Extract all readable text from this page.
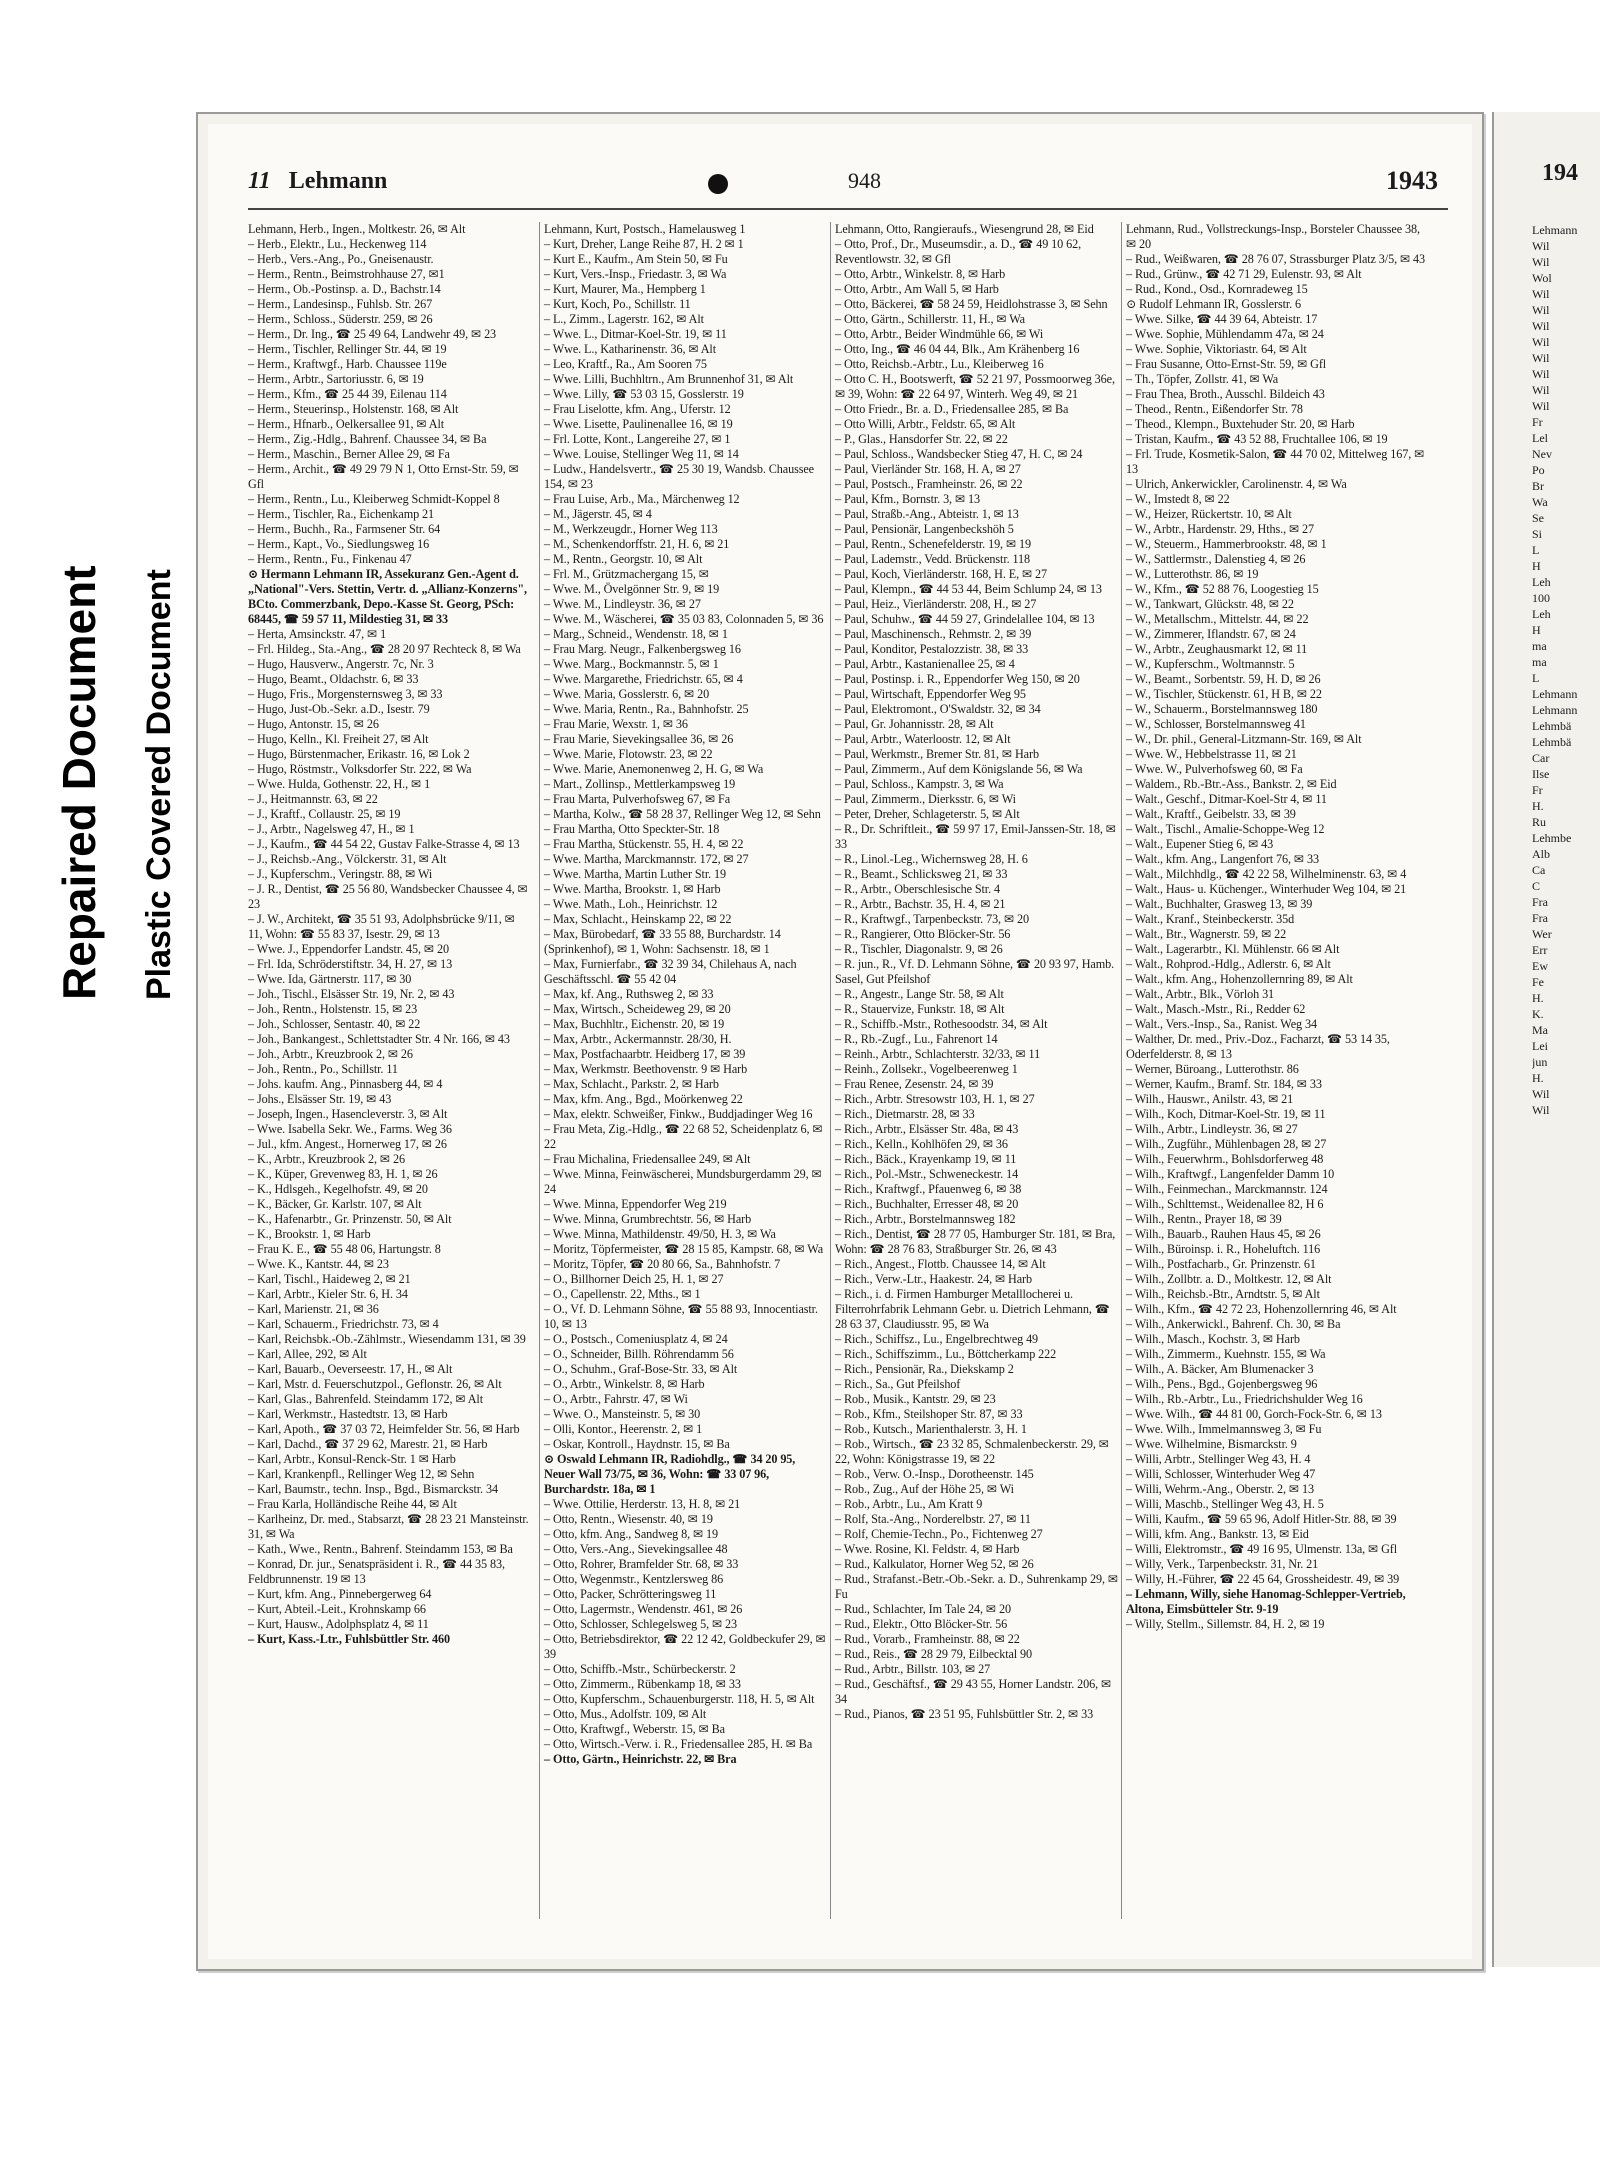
Repaired Document Plastic Covered Document
11 Lehmann	948	1943

Lehmann, Herb., Ingen., Moltkestr. 26, ✉ Alt

– Herb., Elektr., Lu., Heckenweg 114

– Herb., Vers.-Ang., Po., Gneisenaustr.

– Herm., Rentn., Beimstrohhause 27, ✉1

– Herm., Ob.-Postinsp. a. D., Bachstr.14

– Herm., Landesinsp., Fuhlsb. Str. 267

– Herm., Schloss., Süderstr. 259, ✉ 26

– Herm., Dr. Ing., ☎ 25 49 64, Landwehr 49, ✉ 23

– Herm., Tischler, Rellinger Str. 44, ✉ 19

– Herm., Kraftwgf., Harb. Chaussee 119e

– Herm., Arbtr., Sartoriusstr. 6, ✉ 19

– Herm., Kfm., ☎ 25 44 39, Eilenau 114

– Herm., Steuerinsp., Holstenstr. 168, ✉ Alt

– Herm., Hfnarb., Oelkersallee 91, ✉ Alt

– Herm., Zig.-Hdlg., Bahrenf. Chaussee 34, ✉ Ba

– Herm., Maschin., Berner Allee 29, ✉ Fa

– Herm., Archit., ☎ 49 29 79 N 1, Otto Ernst-Str. 59, ✉ Gfl

– Herm., Rentn., Lu., Kleiberweg Schmidt-Koppel 8

– Herm., Tischler, Ra., Eichenkamp 21

– Herm., Buchh., Ra., Farmsener Str. 64

– Herm., Kapt., Vo., Siedlungsweg 16

– Herm., Rentn., Fu., Finkenau 47

⊙ Hermann Lehmann IR, Assekuranz Gen.-Agent d. „National"-Vers. Stettin, Vertr. d. „Allianz-Konzerns", BCto. Commerzbank, Depo.-Kasse St. Georg, PSch: 68445, ☎ 59 57 11, Mildestieg 31, ✉ 33

– Herta, Amsinckstr. 47, ✉ 1

– Frl. Hildeg., Sta.-Ang., ☎ 28 20 97 Rechteck 8, ✉ Wa

– Hugo, Hausverw., Angerstr. 7c, Nr. 3

– Hugo, Beamt., Oldachstr. 6, ✉ 33

– Hugo, Fris., Morgensternsweg 3, ✉ 33

– Hugo, Just-Ob.-Sekr. a.D., Isestr. 79

– Hugo, Antonstr. 15, ✉ 26

– Hugo, Kelln., Kl. Freiheit 27, ✉ Alt

– Hugo, Bürstenmacher, Erikastr. 16, ✉ Lok 2

– Hugo, Röstmstr., Volksdorfer Str. 222, ✉ Wa

– Wwe. Hulda, Gothenstr. 22, H., ✉ 1

– J., Heitmannstr. 63, ✉ 22

– J., Kraftf., Collaustr. 25, ✉ 19

– J., Arbtr., Nagelsweg 47, H., ✉ 1

– J., Kaufm., ☎ 44 54 22, Gustav Falke-Strasse 4, ✉ 13

– J., Reichsb.-Ang., Völckerstr. 31, ✉ Alt

– J., Kupferschm., Veringstr. 88, ✉ Wi

– J. R., Dentist, ☎ 25 56 80, Wandsbecker Chaussee 4, ✉ 23

– J. W., Architekt, ☎ 35 51 93, Adolphsbrücke 9/11, ✉ 11, Wohn: ☎ 55 83 37, Isestr. 29, ✉ 13

– Wwe. J., Eppendorfer Landstr. 45, ✉ 20

– Frl. Ida, Schröderstiftstr. 34, H. 27, ✉ 13

– Wwe. Ida, Gärtnerstr. 117, ✉ 30

– Joh., Tischl., Elsässer Str. 19, Nr. 2, ✉ 43

– Joh., Rentn., Holstenstr. 15, ✉ 23

– Joh., Schlosser, Sentastr. 40, ✉ 22

– Joh., Bankangest., Schlettstadter Str. 4 Nr. 166, ✉ 43

– Joh., Arbtr., Kreuzbrook 2, ✉ 26

– Joh., Rentn., Po., Schillstr. 11

– Johs. kaufm. Ang., Pinnasberg 44, ✉ 4

– Johs., Elsässer Str. 19, ✉ 43

– Joseph, Ingen., Hasencleverstr. 3, ✉ Alt

– Wwe. Isabella Sekr. We., Farms. Weg 36

– Jul., kfm. Angest., Hornerweg 17, ✉ 26

– K., Arbtr., Kreuzbrook 2, ✉ 26

– K., Küper, Grevenweg 83, H. 1, ✉ 26

– K., Hdlsgeh., Kegelhofstr. 49, ✉ 20

– K., Bäcker, Gr. Karlstr. 107, ✉ Alt

– K., Hafenarbtr., Gr. Prinzenstr. 50, ✉ Alt

– K., Brookstr. 1, ✉ Harb

– Frau K. E., ☎ 55 48 06, Hartungstr. 8

– Wwe. K., Kantstr. 44, ✉ 23

– Karl, Tischl., Haideweg 2, ✉ 21

– Karl, Arbtr., Kieler Str. 6, H. 34

– Karl, Marienstr. 21, ✉ 36

– Karl, Schauerm., Friedrichstr. 73, ✉ 4

– Karl, Reichsbk.-Ob.-Zählmstr., Wiesendamm 131, ✉ 39

– Karl, Allee, 292, ✉ Alt

– Karl, Bauarb., Oeverseestr. 17, H., ✉ Alt

– Karl, Mstr. d. Feuerschutzpol., Geflonstr. 26, ✉ Alt

– Karl, Glas., Bahrenfeld. Steindamm 172, ✉ Alt

– Karl, Werkmstr., Hastedtstr. 13, ✉ Harb

– Karl, Apoth., ☎ 37 03 72, Heimfelder Str. 56, ✉ Harb

– Karl, Dachd., ☎ 37 29 62, Marestr. 21, ✉ Harb

– Karl, Arbtr., Konsul-Renck-Str. 1 ✉ Harb

– Karl, Krankenpfl., Rellinger Weg 12, ✉ Sehn

– Karl, Baumstr., techn. Insp., Bgd., Bismarckstr. 34

– Frau Karla, Holländische Reihe 44, ✉ Alt

– Karlheinz, Dr. med., Stabsarzt, ☎ 28 23 21 Mansteinstr. 31, ✉ Wa

– Kath., Wwe., Rentn., Bahrenf. Steindamm 153, ✉ Ba

– Konrad, Dr. jur., Senatspräsident i. R., ☎ 44 35 83, Feldbrunnenstr. 19 ✉ 13

– Kurt, kfm. Ang., Pinnebergerweg 64

– Kurt, Abteil.-Leit., Krohnskamp 66

– Kurt, Hausw., Adolphsplatz 4, ✉ 11

– Kurt, Kass.-Ltr., Fuhlsbüttler Str. 460

Lehmann, Kurt, Postsch., Hamelausweg 1

– Kurt, Dreher, Lange Reihe 87, H. 2 ✉ 1

– Kurt E., Kaufm., Am Stein 50, ✉ Fu

– Kurt, Vers.-Insp., Friedastr. 3, ✉ Wa

– Kurt, Maurer, Ma., Hempberg 1

– Kurt, Koch, Po., Schillstr. 11

– L., Zimm., Lagerstr. 162, ✉ Alt

– Wwe. L., Ditmar-Koel-Str. 19, ✉ 11

– Wwe. L., Katharinenstr. 36, ✉ Alt

– Leo, Kraftf., Ra., Am Sooren 75

– Wwe. Lilli, Buchhltrn., Am Brunnenhof 31, ✉ Alt

– Wwe. Lilly, ☎ 53 03 15, Gosslerstr. 19

– Frau Liselotte, kfm. Ang., Uferstr. 12

– Wwe. Lisette, Paulinenallee 16, ✉ 19

– Frl. Lotte, Kont., Langereihe 27, ✉ 1

– Wwe. Louise, Stellinger Weg 11, ✉ 14

– Ludw., Handelsvertr., ☎ 25 30 19, Wandsb. Chaussee 154, ✉ 23

– Frau Luise, Arb., Ma., Märchenweg 12

– M., Jägerstr. 45, ✉ 4

– M., Werkzeugdr., Horner Weg 113

– M., Schenkendorffstr. 21, H. 6, ✉ 21

– M., Rentn., Georgstr. 10, ✉ Alt

– Frl. M., Grützmachergang 15, ✉

– Wwe. M., Övelgönner Str. 9, ✉ 19

– Wwe. M., Lindleystr. 36, ✉ 27

– Wwe. M., Wäscherei, ☎ 35 03 83, Colonnaden 5, ✉ 36

– Marg., Schneid., Wendenstr. 18, ✉ 1

– Frau Marg. Neugr., Falkenbergsweg 16

– Wwe. Marg., Bockmannstr. 5, ✉ 1

– Wwe. Margarethe, Friedrichstr. 65, ✉ 4

– Wwe. Maria, Gosslerstr. 6, ✉ 20

– Wwe. Maria, Rentn., Ra., Bahnhofstr. 25

– Frau Marie, Wexstr. 1, ✉ 36

– Frau Marie, Sievekingsallee 36, ✉ 26

– Wwe. Marie, Flotowstr. 23, ✉ 22

– Wwe. Marie, Anemonenweg 2, H. G, ✉ Wa

– Mart., Zollinsp., Mettlerkampsweg 19

– Frau Marta, Pulverhofsweg 67, ✉ Fa

– Martha, Kolw., ☎ 58 28 37, Rellinger Weg 12, ✉ Sehn

– Frau Martha, Otto Speckter-Str. 18

– Frau Martha, Stückenstr. 55, H. 4, ✉ 22

– Wwe. Martha, Marckmannstr. 172, ✉ 27

– Wwe. Martha, Martin Luther Str. 19

– Wwe. Martha, Brookstr. 1, ✉ Harb

– Wwe. Math., Loh., Heinrichstr. 12

– Max, Schlacht., Heinskamp 22, ✉ 22

– Max, Bürobedarf, ☎ 33 55 88, Burchardstr. 14 (Sprinkenhof), ✉ 1, Wohn: Sachsenstr. 18, ✉ 1

– Max, Furnierfabr., ☎ 32 39 34, Chilehaus A, nach Geschäftsschl. ☎ 55 42 04

– Max, kf. Ang., Ruthsweg 2, ✉ 33

– Max, Wirtsch., Scheideweg 29, ✉ 20

– Max, Buchhltr., Eichenstr. 20, ✉ 19

– Max, Arbtr., Ackermannstr. 28/30, H.

– Max, Postfachaarbtr. Heidberg 17, ✉ 39

– Max, Werkmstr. Beethovenstr. 9 ✉ Harb

– Max, Schlacht., Parkstr. 2, ✉ Harb

– Max, kfm. Ang., Bgd., Moörkenweg 22

– Max, elektr. Schweißer, Finkw., Buddjadinger Weg 16

– Frau Meta, Zig.-Hdlg., ☎ 22 68 52, Scheidenplatz 6, ✉ 22

– Frau Michalina, Friedensallee 249, ✉ Alt

– Wwe. Minna, Feinwäscherei, Mundsburgerdamm 29, ✉ 24

– Wwe. Minna, Eppendorfer Weg 219

– Wwe. Minna, Grumbrechtstr. 56, ✉ Harb

– Wwe. Minna, Mathildenstr. 49/50, H. 3, ✉ Wa

– Moritz, Töpfermeister, ☎ 28 15 85, Kampstr. 68, ✉ Wa

– Moritz, Töpfer, ☎ 20 80 66, Sa., Bahnhofstr. 7

– O., Billhorner Deich 25, H. 1, ✉ 27

– O., Capellenstr. 22, Mths., ✉ 1

– O., Vf. D. Lehmann Söhne, ☎ 55 88 93, Innocentiastr. 10, ✉ 13

– O., Postsch., Comeniusplatz 4, ✉ 24

– O., Schneider, Billh. Röhrendamm 56

– O., Schuhm., Graf-Bose-Str. 33, ✉ Alt

– O., Arbtr., Winkelstr. 8, ✉ Harb

– O., Arbtr., Fahrstr. 47, ✉ Wi

– Wwe. O., Mansteinstr. 5, ✉ 30

– Olli, Kontor., Heerenstr. 2, ✉ 1

– Oskar, Kontroll., Haydnstr. 15, ✉ Ba

⊙ Oswald Lehmann IR, Radiohdlg., ☎ 34 20 95, Neuer Wall 73/75, ✉ 36, Wohn: ☎ 33 07 96, Burchardstr. 18a, ✉ 1

– Wwe. Ottilie, Herderstr. 13, H. 8, ✉ 21

– Otto, Rentn., Wiesenstr. 40, ✉ 19

– Otto, kfm. Ang., Sandweg 8, ✉ 19

– Otto, Vers.-Ang., Sievekingsallee 48

– Otto, Rohrer, Bramfelder Str. 68, ✉ 33

– Otto, Wegenmstr., Kentzlersweg 86

– Otto, Packer, Schrötteringsweg 11

– Otto, Lagermstr., Wendenstr. 461, ✉ 26

– Otto, Schlosser, Schlegelsweg 5, ✉ 23

– Otto, Betriebsdirektor, ☎ 22 12 42, Goldbeckufer 29, ✉ 39

– Otto, Schiffb.-Mstr., Schürbeckerstr. 2

– Otto, Zimmerm., Rübenkamp 18, ✉ 33

– Otto, Kupferschm., Schauenburgerstr. 118, H. 5, ✉ Alt

– Otto, Mus., Adolfstr. 109, ✉ Alt

– Otto, Kraftwgf., Weberstr. 15, ✉ Ba

– Otto, Wirtsch.-Verw. i. R., Friedensallee 285, H. ✉ Ba

– Otto, Gärtn., Heinrichstr. 22, ✉ Bra

Lehmann, Otto, Rangieraufs., Wiesengrund 28, ✉ Eid

– Otto, Prof., Dr., Museumsdir., a. D., ☎ 49 10 62, Reventlowstr. 32, ✉ Gfl

– Otto, Arbtr., Winkelstr. 8, ✉ Harb

– Otto, Arbtr., Am Wall 5, ✉ Harb

– Otto, Bäckerei, ☎ 58 24 59, Heidlohstrasse 3, ✉ Sehn

– Otto, Gärtn., Schillerstr. 11, H., ✉ Wa

– Otto, Arbtr., Beider Windmühle 66, ✉ Wi

– Otto, Ing., ☎ 46 04 44, Blk., Am Krähenberg 16

– Otto, Reichsb.-Arbtr., Lu., Kleiberweg 16

– Otto C. H., Bootswerft, ☎ 52 21 97, Possmoorweg 36e, ✉ 39, Wohn: ☎ 22 64 97, Winterh. Weg 49, ✉ 21

– Otto Friedr., Br. a. D., Friedensallee 285, ✉ Ba

– Otto Willi, Arbtr., Feldstr. 65, ✉ Alt

– P., Glas., Hansdorfer Str. 22, ✉ 22

– Paul, Schloss., Wandsbecker Stieg 47, H. C, ✉ 24

– Paul, Vierländer Str. 168, H. A, ✉ 27

– Paul, Postsch., Framheinstr. 26, ✉ 22

– Paul, Kfm., Bornstr. 3, ✉ 13

– Paul, Straßb.-Ang., Abteistr. 1, ✉ 13

– Paul, Pensionär, Langenbeckshöh 5

– Paul, Rentn., Schenefelderstr. 19, ✉ 19

– Paul, Lademstr., Vedd. Brückenstr. 118

– Paul, Koch, Vierländerstr. 168, H. E, ✉ 27

– Paul, Klempn., ☎ 44 53 44, Beim Schlump 24, ✉ 13

– Paul, Heiz., Vierländerstr. 208, H., ✉ 27

– Paul, Schuhw., ☎ 44 59 27, Grindelallee 104, ✉ 13

– Paul, Maschinensch., Rehmstr. 2, ✉ 39

– Paul, Konditor, Pestalozzistr. 38, ✉ 33

– Paul, Arbtr., Kastanienallee 25, ✉ 4

– Paul, Postinsp. i. R., Eppendorfer Weg 150, ✉ 20

– Paul, Wirtschaft, Eppendorfer Weg 95

– Paul, Elektromont., O'Swaldstr. 32, ✉ 34

– Paul, Gr. Johannisstr. 28, ✉ Alt

– Paul, Arbtr., Waterloostr. 12, ✉ Alt

– Paul, Werkmstr., Bremer Str. 81, ✉ Harb

– Paul, Zimmerm., Auf dem Königslande 56, ✉ Wa

– Paul, Schloss., Kampstr. 3, ✉ Wa

– Paul, Zimmerm., Dierksstr. 6, ✉ Wi

– Peter, Dreher, Schlageterstr. 5, ✉ Alt

– R., Dr. Schriftleit., ☎ 59 97 17, Emil-Janssen-Str. 18, ✉ 33

– R., Linol.-Leg., Wichernsweg 28, H. 6

– R., Beamt., Schlicksweg 21, ✉ 33

– R., Arbtr., Oberschlesische Str. 4

– R., Arbtr., Bachstr. 35, H. 4, ✉ 21

– R., Kraftwgf., Tarpenbeckstr. 73, ✉ 20

– R., Rangierer, Otto Blöcker-Str. 56

– R., Tischler, Diagonalstr. 9, ✉ 26

– R. jun., R., Vf. D. Lehmann Söhne, ☎ 20 93 97, Hamb. Sasel, Gut Pfeilshof

– R., Angestr., Lange Str. 58, ✉ Alt

– R., Stauervize, Funkstr. 18, ✉ Alt

– R., Schiffb.-Mstr., Rothesoodstr. 34, ✉ Alt

– R., Rb.-Zugf., Lu., Fahrenort 14

– Reinh., Arbtr., Schlachterstr. 32/33, ✉ 11

– Reinh., Zollsekr., Vogelbeerenweg 1

– Frau Renee, Zesenstr. 24, ✉ 39

– Rich., Arbtr. Stresowstr 103, H. 1, ✉ 27

– Rich., Dietmarstr. 28, ✉ 33

– Rich., Arbtr., Elsässer Str. 48a, ✉ 43

– Rich., Kelln., Kohlhöfen 29, ✉ 36

– Rich., Bäck., Krayenkamp 19, ✉ 11

– Rich., Pol.-Mstr., Schweneckestr. 14

– Rich., Kraftwgf., Pfauenweg 6, ✉ 38

– Rich., Buchhalter, Erresser 48, ✉ 20

– Rich., Arbtr., Borstelmannsweg 182

– Rich., Dentist, ☎ 28 77 05, Hamburger Str. 181, ✉ Bra, Wohn: ☎ 28 76 83, Straßburger Str. 26, ✉ 43

– Rich., Angest., Flottb. Chaussee 14, ✉ Alt

– Rich., Verw.-Ltr., Haakestr. 24, ✉ Harb

– Rich., i. d. Firmen Hamburger Metalllocherei u. Filterrohrfabrik Lehmann Gebr. u. Dietrich Lehmann, ☎ 28 63 37, Claudiusstr. 95, ✉ Wa

– Rich., Schiffsz., Lu., Engelbrechtweg 49

– Rich., Schiffszimm., Lu., Böttcherkamp 222

– Rich., Pensionär, Ra., Diekskamp 2

– Rich., Sa., Gut Pfeilshof

– Rob., Musik., Kantstr. 29, ✉ 23

– Rob., Kfm., Steilshoper Str. 87, ✉ 33

– Rob., Kutsch., Marienthalerstr. 3, H. 1

– Rob., Wirtsch., ☎ 23 32 85, Schmalenbeckerstr. 29, ✉ 22, Wohn: Königstrasse 19, ✉ 22

– Rob., Verw. O.-Insp., Dorotheenstr. 145

– Rob., Zug., Auf der Höhe 25, ✉ Wi

– Rob., Arbtr., Lu., Am Kratt 9

– Rolf, Sta.-Ang., Norderelbstr. 27, ✉ 11

– Rolf, Chemie-Techn., Po., Fichtenweg 27

– Wwe. Rosine, Kl. Feldstr. 4, ✉ Harb

– Rud., Kalkulator, Horner Weg 52, ✉ 26

– Rud., Strafanst.-Betr.-Ob.-Sekr. a. D., Suhrenkamp 29, ✉ Fu

– Rud., Schlachter, Im Tale 24, ✉ 20

– Rud., Elektr., Otto Blöcker-Str. 56

– Rud., Vorarb., Framheinstr. 88, ✉ 22

– Rud., Reis., ☎ 28 29 79, Eilbecktal 90

– Rud., Arbtr., Billstr. 103, ✉ 27

– Rud., Geschäftsf., ☎ 29 43 55, Horner Landstr. 206, ✉ 34

– Rud., Pianos, ☎ 23 51 95, Fuhlsbüttler Str. 2, ✉ 33

Lehmann, Rud., Vollstreckungs-Insp., Borsteler Chaussee 38, ✉ 20

– Rud., Weißwaren, ☎ 28 76 07, Strassburger Platz 3/5, ✉ 43

– Rud., Grünw., ☎ 42 71 29, Eulenstr. 93, ✉ Alt

– Rud., Kond., Osd., Kornradeweg 15

⊙ Rudolf Lehmann IR, Gosslerstr. 6

– Wwe. Silke, ☎ 44 39 64, Abteistr. 17

– Wwe. Sophie, Mühlendamm 47a, ✉ 24

– Wwe. Sophie, Viktoriastr. 64, ✉ Alt

– Frau Susanne, Otto-Ernst-Str. 59, ✉ Gfl

– Th., Töpfer, Zollstr. 41, ✉ Wa

– Frau Thea, Broth., Ausschl. Bildeich 43

– Theod., Rentn., Eißendorfer Str. 78

– Theod., Klempn., Buxtehuder Str. 20, ✉ Harb

– Tristan, Kaufm., ☎ 43 52 88, Fruchtallee 106, ✉ 19

– Frl. Trude, Kosmetik-Salon, ☎ 44 70 02, Mittelweg 167, ✉ 13

– Ulrich, Ankerwickler, Carolinenstr. 4, ✉ Wa

– W., Imstedt 8, ✉ 22

– W., Heizer, Rückertstr. 10, ✉ Alt

– W., Arbtr., Hardenstr. 29, Hths., ✉ 27

– W., Steuerm., Hammerbrookstr. 48, ✉ 1

– W., Sattlermstr., Dalenstieg 4, ✉ 26

– W., Lutterothstr. 86, ✉ 19

– W., Kfm., ☎ 52 88 76, Loogestieg 15

– W., Tankwart, Glückstr. 48, ✉ 22

– W., Metallschm., Mittelstr. 44, ✉ 22

– W., Zimmerer, Iflandstr. 67, ✉ 24

– W., Arbtr., Zeughausmarkt 12, ✉ 11

– W., Kupferschm., Woltmannstr. 5

– W., Beamt., Sorbentstr. 59, H. D, ✉ 26

– W., Tischler, Stückenstr. 61, H B, ✉ 22

– W., Schauerm., Borstelmannsweg 180

– W., Schlosser, Borstelmannsweg 41

– W., Dr. phil., General-Litzmann-Str. 169, ✉ Alt

– Wwe. W., Hebbelstrasse 11, ✉ 21

– Wwe. W., Pulverhofsweg 60, ✉ Fa

– Waldem., Rb.-Btr.-Ass., Bankstr. 2, ✉ Eid

– Walt., Geschf., Ditmar-Koel-Str 4, ✉ 11

– Walt., Kraftf., Geibelstr. 33, ✉ 39

– Walt., Tischl., Amalie-Schoppe-Weg 12

– Walt., Eupener Stieg 6, ✉ 43

– Walt., kfm. Ang., Langenfort 76, ✉ 33

– Walt., Milchhdlg., ☎ 42 22 58, Wilhelminenstr. 63, ✉ 4

– Walt., Haus- u. Küchenger., Winterhuder Weg 104, ✉ 21

– Walt., Buchhalter, Grasweg 13, ✉ 39

– Walt., Kranf., Steinbeckerstr. 35d

– Walt., Btr., Wagnerstr. 59, ✉ 22

– Walt., Lagerarbtr., Kl. Mühlenstr. 66 ✉ Alt

– Walt., Rohprod.-Hdlg., Adlerstr. 6, ✉ Alt

– Walt., kfm. Ang., Hohenzollernring 89, ✉ Alt

– Walt., Arbtr., Blk., Vörloh 31

– Walt., Masch.-Mstr., Ri., Redder 62

– Walt., Vers.-Insp., Sa., Ranist. Weg 34

– Walther, Dr. med., Priv.-Doz., Facharzt, ☎ 53 14 35, Oderfelderstr. 8, ✉ 13

– Werner, Büroang., Lutterothstr. 86

– Werner, Kaufm., Bramf. Str. 184, ✉ 33

– Wilh., Hauswr., Anilstr. 43, ✉ 21

– Wilh., Koch, Ditmar-Koel-Str. 19, ✉ 11

– Wilh., Arbtr., Lindleystr. 36, ✉ 27

– Wilh., Zugführ., Mühlenbagen 28, ✉ 27

– Wilh., Feuerwhrm., Bohlsdorferweg 48

– Wilh., Kraftwgf., Langenfelder Damm 10

– Wilh., Feinmechan., Marckmannstr. 124

– Wilh., Schlttemst., Weidenallee 82, H 6

– Wilh., Rentn., Prayer 18, ✉ 39

– Wilh., Bauarb., Rauhen Haus 45, ✉ 26

– Wilh., Büroinsp. i. R., Hoheluftch. 116

– Wilh., Postfacharb., Gr. Prinzenstr. 61

– Wilh., Zollbtr. a. D., Moltkestr. 12, ✉ Alt

– Wilh., Reichsb.-Btr., Arndtstr. 5, ✉ Alt

– Wilh., Kfm., ☎ 42 72 23, Hohenzollernring 46, ✉ Alt

– Wilh., Ankerwickl., Bahrenf. Ch. 30, ✉ Ba

– Wilh., Masch., Kochstr. 3, ✉ Harb

– Wilh., Zimmerm., Kuehnstr. 155, ✉ Wa

– Wilh., A. Bäcker, Am Blumenacker 3

– Wilh., Pens., Bgd., Gojenbergsweg 96

– Wilh., Rb.-Arbtr., Lu., Friedrichshulder Weg 16

– Wwe. Wilh., ☎ 44 81 00, Gorch-Fock-Str. 6, ✉ 13

– Wwe. Wilh., Immelmannsweg 3, ✉ Fu

– Wwe. Wilhelmine, Bismarckstr. 9

– Willi, Arbtr., Stellinger Weg 43, H. 4

– Willi, Schlosser, Winterhuder Weg 47

– Willi, Wehrm.-Ang., Oberstr. 2, ✉ 13

– Willi, Maschb., Stellinger Weg 43, H. 5

– Willi, Kaufm., ☎ 59 65 96, Adolf Hitler-Str. 88, ✉ 39

– Willi, kfm. Ang., Bankstr. 13, ✉ Eid

– Willi, Elektromstr., ☎ 49 16 95, Ulmenstr. 13a, ✉ Gfl

– Willy, Verk., Tarpenbeckstr. 31, Nr. 21

– Willy, H.-Führer, ☎ 22 45 64, Grossheidestr. 49, ✉ 39

– Lehmann, Willy, siehe Hanomag-Schlepper-Vertrieb, Altona, Eimsbütteler Str. 9-19

– Willy, Stellm., Sillemstr. 84, H. 2, ✉ 19

194
Lehmann
Wil
Wil
Wol
Wil
Wil
Wil
Wil
Wil
Wil
Wil
Wil
Fr
Lel
Nev
Po
Br
Wa
Se
Si
L
H
Leh
100
Leh
H
ma
ma
L
Lehmann
Lehmann
Lehmbä
Lehmbä
Car
Ilse
Fr
H.
Ru
Lehmbe
Alb
Ca
C
Fra
Fra
Wer
Err
Ew
Fe
H.
K.
Ma
Lei
jun
H.
Wil
Wil
